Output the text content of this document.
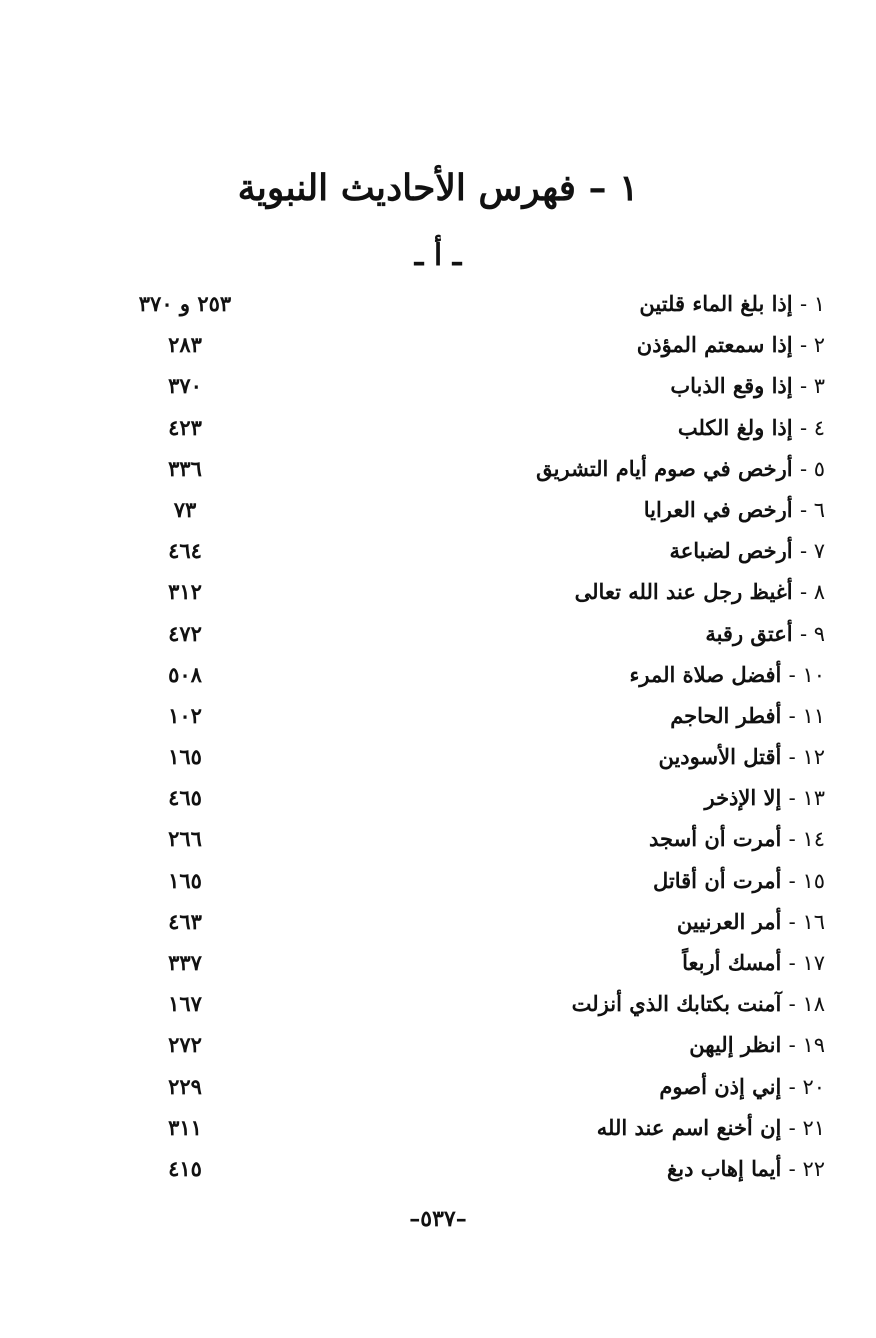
١ – فهرس الأحاديث النبوية
ـ أ ـ
١ - إذا بلغ الماء قلتين
٢٥٣ و ٣٧٠
٢ - إذا سمعتم المؤذن
٢٨٣
٣ - إذا وقع الذباب
٣٧٠
٤ - إذا ولغ الكلب
٤٢٣
٥ - أرخص في صوم أيام التشريق
٣٣٦
٦ - أرخص في العرايا
٧٣
٧ - أرخص لضباعة
٤٦٤
٨ - أغيظ رجل عند الله تعالى
٣١٢
٩ - أعتق رقبة
٤٧٢
١٠ - أفضل صلاة المرء
٥٠٨
١١ - أفطر الحاجم
١٠٢
١٢ - أقتل الأسودين
١٦٥
١٣ - إلا الإذخر
٤٦٥
١٤ - أمرت أن أسجد
٢٦٦
١٥ - أمرت أن أقاتل
١٦٥
١٦ - أمر العرنيين
٤٦٣
١٧ - أمسك أربعاً
٣٣٧
١٨ - آمنت بكتابك الذي أنزلت
١٦٧
١٩ - انظر إليهن
٢٧٢
٢٠ - إني إذن أصوم
٢٢٩
٢١ - إن أخنع اسم عند الله
٣١١
٢٢ - أيما إهاب دبغ
٤١٥
–٥٣٧–
